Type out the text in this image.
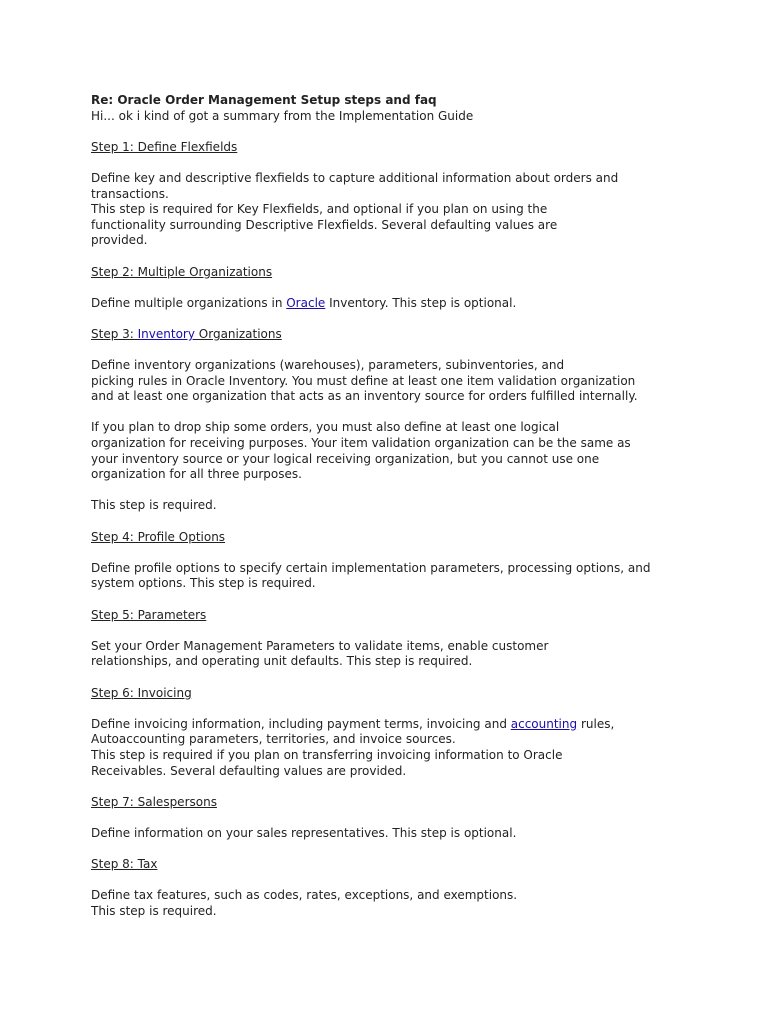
Re: Oracle Order Management Setup steps and faq

Hi... ok i kind of got a summary from the Implementation Guide

Step 1: Define Flexfields

Define key and descriptive flexfields to capture additional information about orders and
transactions.
This step is required for Key Flexfields, and optional if you plan on using the
functionality surrounding Descriptive Flexfields. Several defaulting values are
provided.

Step 2: Multiple Organizations

Define multiple organizations in Oracle Inventory. This step is optional.

Step 3: Inventory Organizations

Define inventory organizations (warehouses), parameters, subinventories, and
picking rules in Oracle Inventory. You must define at least one item validation organization
and at least one organization that acts as an inventory source for orders fulfilled internally.

If you plan to drop ship some orders, you must also define at least one logical
organization for receiving purposes. Your item validation organization can be the same as
your inventory source or your logical receiving organization, but you cannot use one
organization for all three purposes.

This step is required.

Step 4: Profile Options

Define profile options to specify certain implementation parameters, processing options, and
system options. This step is required.

Step 5: Parameters

Set your Order Management Parameters to validate items, enable customer
relationships, and operating unit defaults. This step is required.

Step 6: Invoicing

Define invoicing information, including payment terms, invoicing and accounting rules,
Autoaccounting parameters, territories, and invoice sources.
This step is required if you plan on transferring invoicing information to Oracle
Receivables. Several defaulting values are provided.

Step 7: Salespersons

Define information on your sales representatives. This step is optional.

Step 8: Tax

Define tax features, such as codes, rates, exceptions, and exemptions.
This step is required.
